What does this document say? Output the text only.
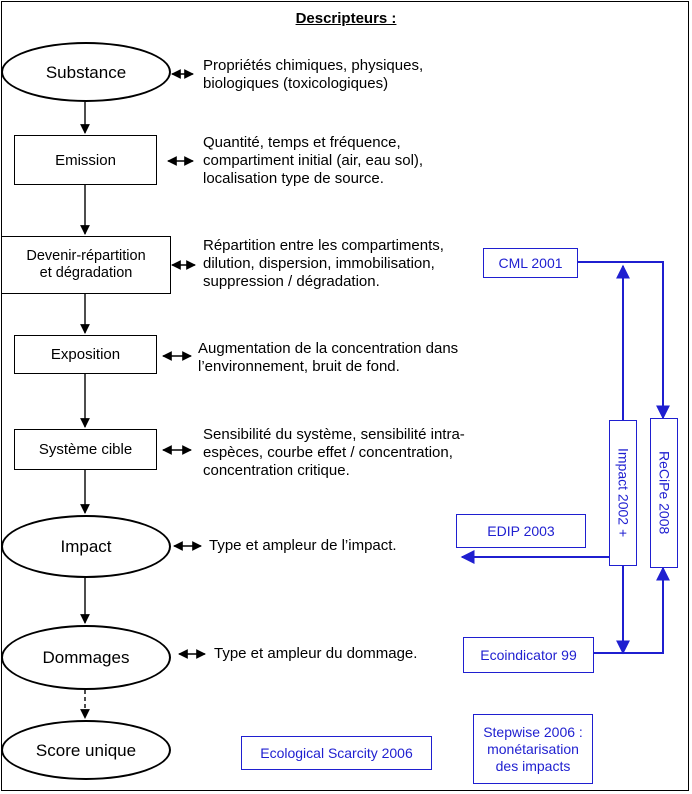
Descripteurs :
Substance
Emission
Devenir-répartition
et dégradation
Exposition
Système cible
Impact
Dommages
Score unique
Propriétés chimiques, physiques,
biologiques (toxicologiques)
Quantité, temps et fréquence,
compartiment initial (air, eau sol),
localisation type de source.
Répartition entre les compartiments,
dilution, dispersion, immobilisation,
suppression / dégradation.
Augmentation de la concentration dans
l’environnement, bruit de fond.
Sensibilité du système, sensibilité intra-
espèces, courbe effet / concentration,
concentration critique.
Type et ampleur de l’impact.
Type et ampleur du dommage.
CML 2001
EDIP 2003
Ecoindicator 99
Ecological Scarcity 2006
Stepwise 2006 :
monétarisation
des impacts
Impact 2002 +	ReCiPe 2008
